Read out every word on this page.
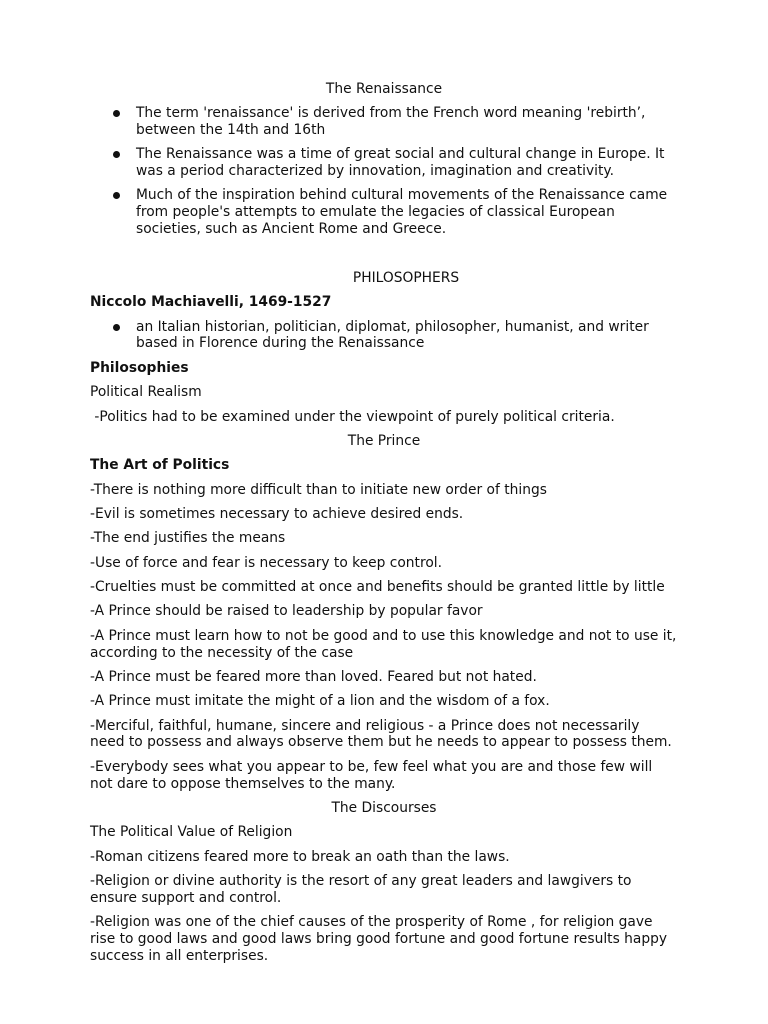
The Renaissance
The term 'renaissance' is derived from the French word meaning 'rebirth’,
between the 14th and 16th
The Renaissance was a time of great social and cultural change in Europe. It
was a period characterized by innovation, imagination and creativity.
Much of the inspiration behind cultural movements of the Renaissance came
from people's attempts to emulate the legacies of classical European
societies, such as Ancient Rome and Greece.
PHILOSOPHERS
Niccolo Machiavelli, 1469-1527
an Italian historian, politician, diplomat, philosopher, humanist, and writer
based in Florence during the Renaissance
Philosophies
Political Realism
-Politics had to be examined under the viewpoint of purely political criteria.
The Prince
The Art of Politics
-There is nothing more difficult than to initiate new order of things
-Evil is sometimes necessary to achieve desired ends.
-The end justifies the means
-Use of force and fear is necessary to keep control.
-Cruelties must be committed at once and benefits should be granted little by little
-A Prince should be raised to leadership by popular favor
-A Prince must learn how to not be good and to use this knowledge and not to use it,
according to the necessity of the case
-A Prince must be feared more than loved. Feared but not hated.
-A Prince must imitate the might of a lion and the wisdom of a fox.
-Merciful, faithful, humane, sincere and religious - a Prince does not necessarily
need to possess and always observe them but he needs to appear to possess them.
-Everybody sees what you appear to be, few feel what you are and those few will
not dare to oppose themselves to the many.
The Discourses
The Political Value of Religion
-Roman citizens feared more to break an oath than the laws.
-Religion or divine authority is the resort of any great leaders and lawgivers to
ensure support and control.
-Religion was one of the chief causes of the prosperity of Rome , for religion gave
rise to good laws and good laws bring good fortune and good fortune results happy
success in all enterprises.
